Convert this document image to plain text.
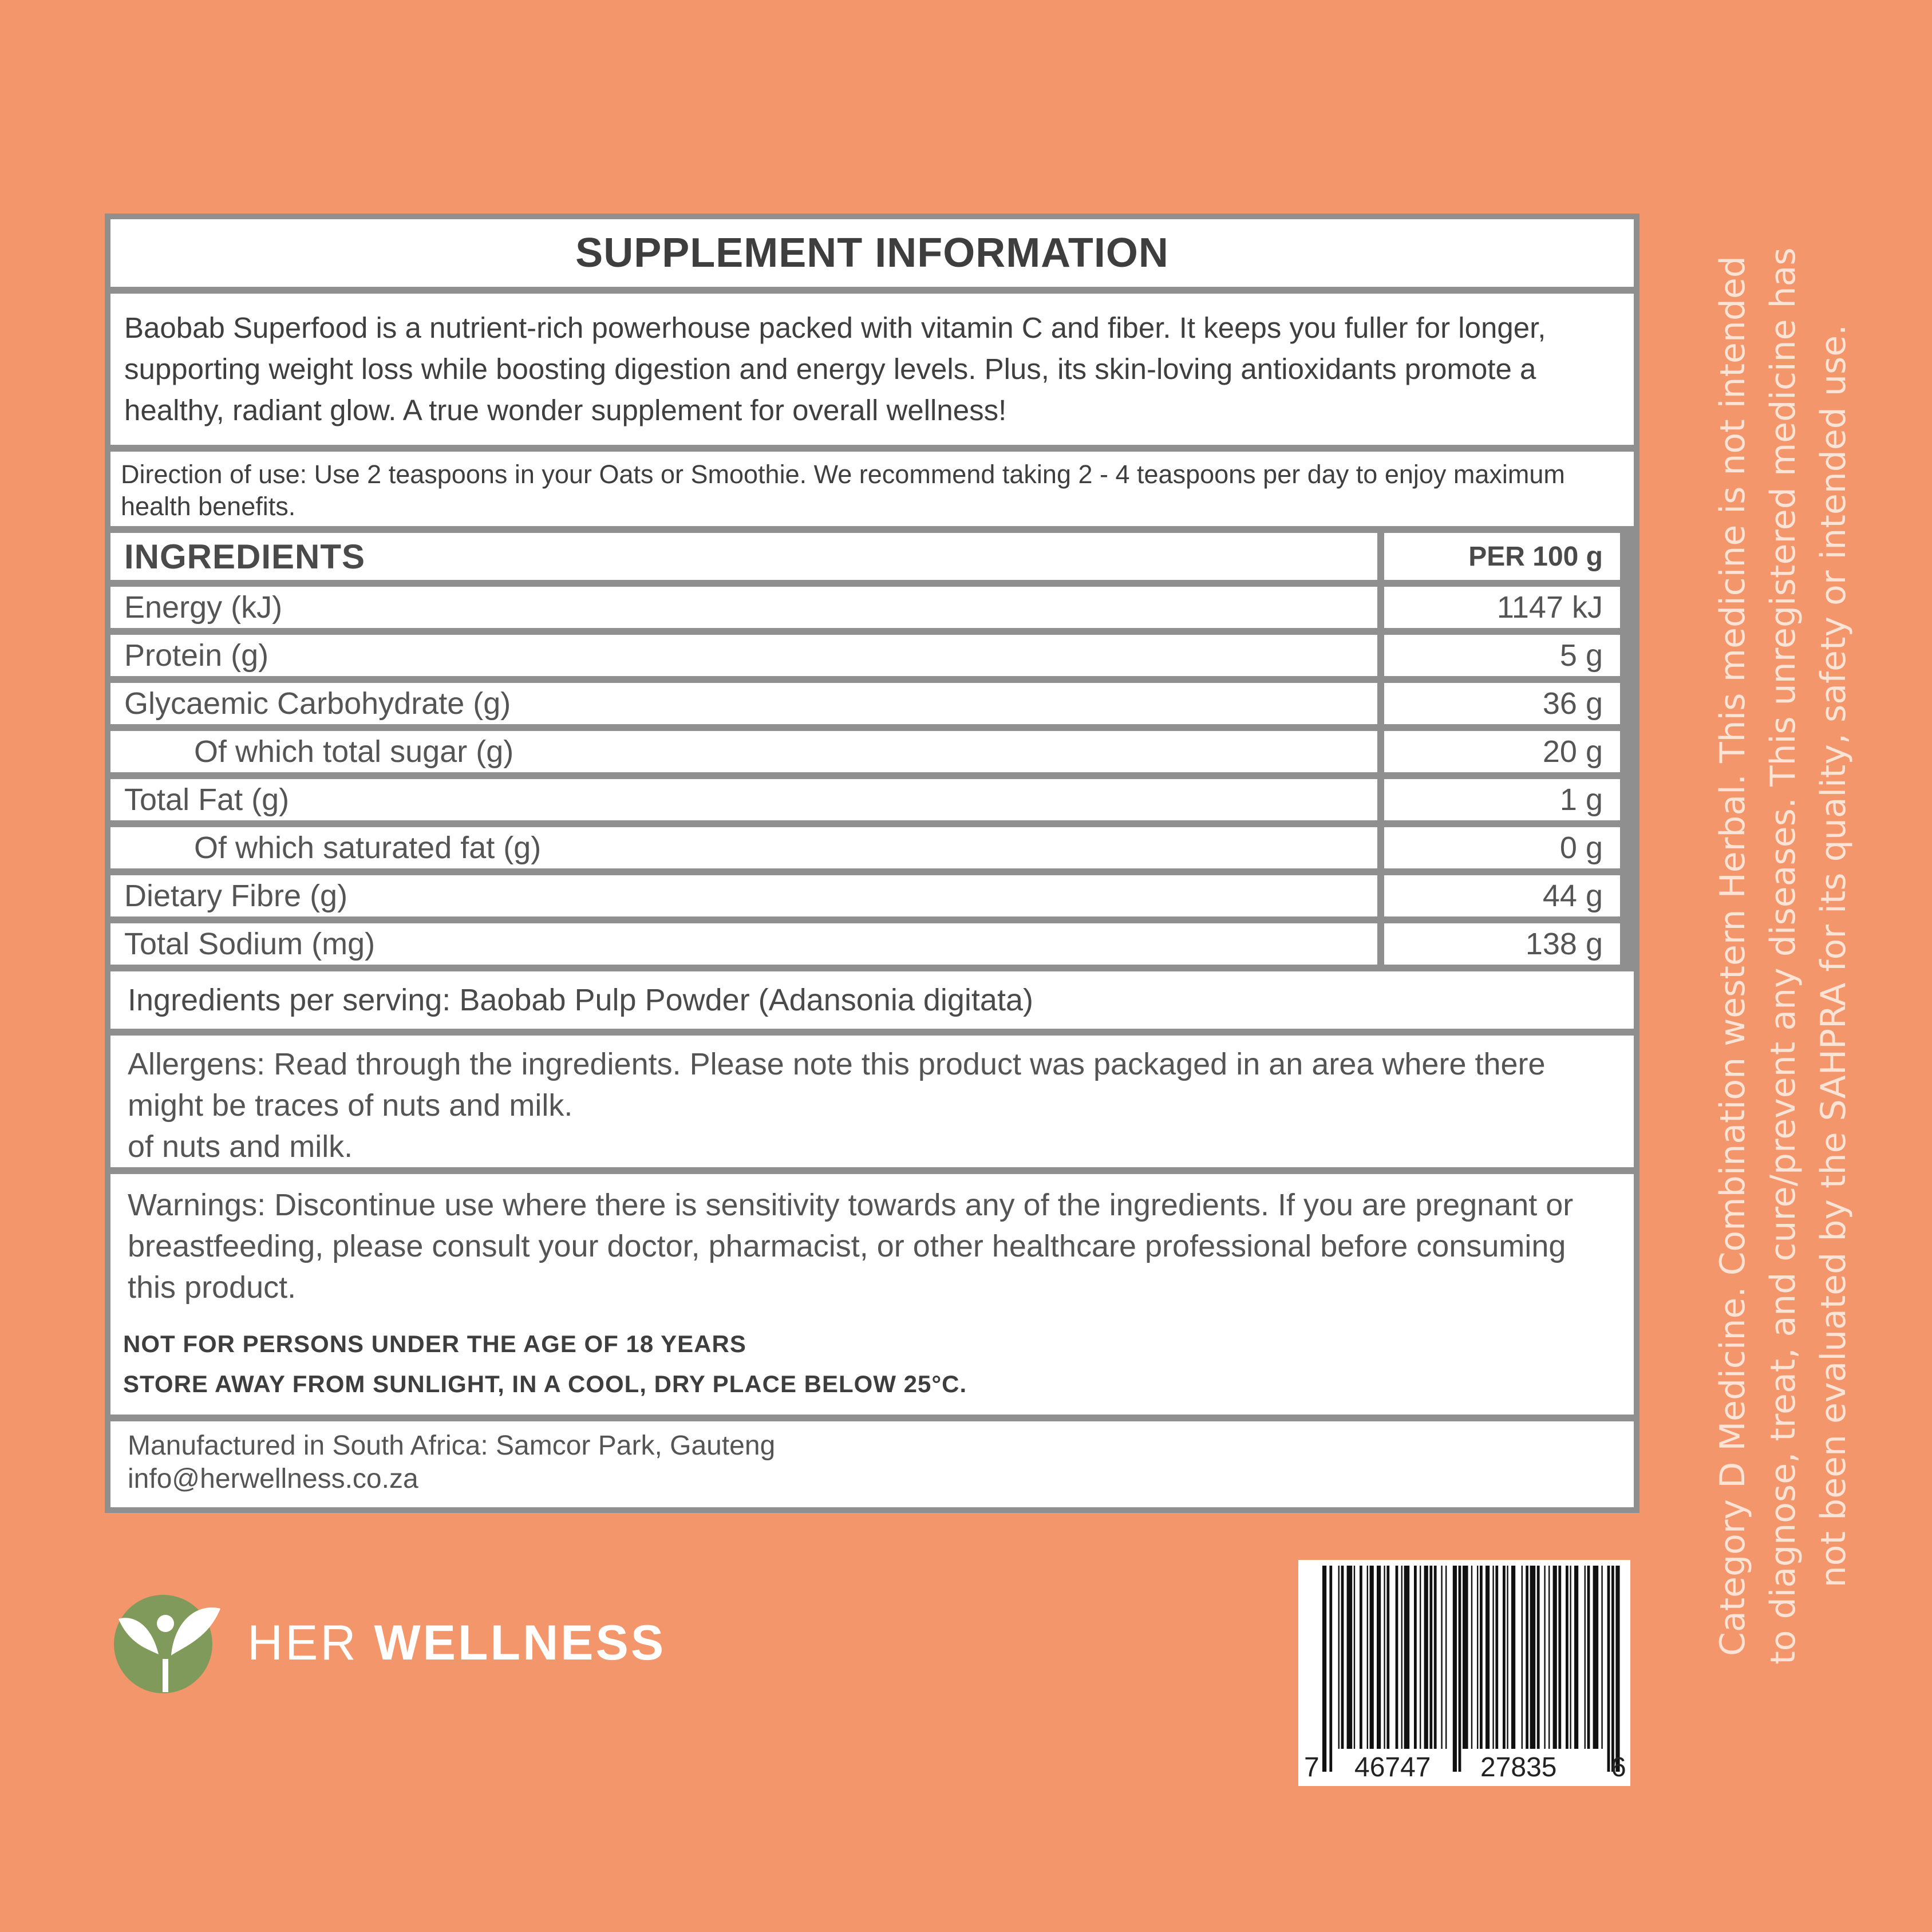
SUPPLEMENT INFORMATION
Baobab Superfood is a nutrient-rich powerhouse packed with vitamin C and fiber. It keeps you fuller for longer, supporting weight loss while boosting digestion and energy levels. Plus, its skin-loving antioxidants promote a healthy, radiant glow. A true wonder supplement for overall wellness!
Direction of use: Use 2 teaspoons in your Oats or Smoothie. We recommend taking 2 - 4 teaspoons per day to enjoy maximum health benefits.
INGREDIENTS	PER 100 g
Energy (kJ)	1147 kJ
Protein (g)	5 g
Glycaemic Carbohydrate (g)	36 g
Of which total sugar (g)	20 g
Total Fat (g)	1 g
Of which saturated fat (g)	0 g
Dietary Fibre (g)	44 g
Total Sodium (mg)	138 g
Ingredients per serving: Baobab Pulp Powder (Adansonia digitata)
Allergens: Read through the ingredients. Please note this product was packaged in an area where there might be traces of nuts and milk.
of nuts and milk.
Warnings: Discontinue use where there is sensitivity towards any of the ingredients. If you are pregnant or breastfeeding, please consult your doctor, pharmacist, or other healthcare professional before consuming this product.
NOT FOR PERSONS UNDER THE AGE OF 18 YEARS
STORE AWAY FROM SUNLIGHT, IN A COOL, DRY PLACE BELOW 25°C.
Manufactured in South Africa: Samcor Park, Gauteng
info@herwellness.co.za
HER WELLNESS
7 46747 27835 6
Category D Medicine. Combination western Herbal. This medicine is not intended to diagnose, treat, and cure/prevent any diseases. This unregistered medicine has not been evaluated by the SAHPRA for its quality, safety or intended use.
